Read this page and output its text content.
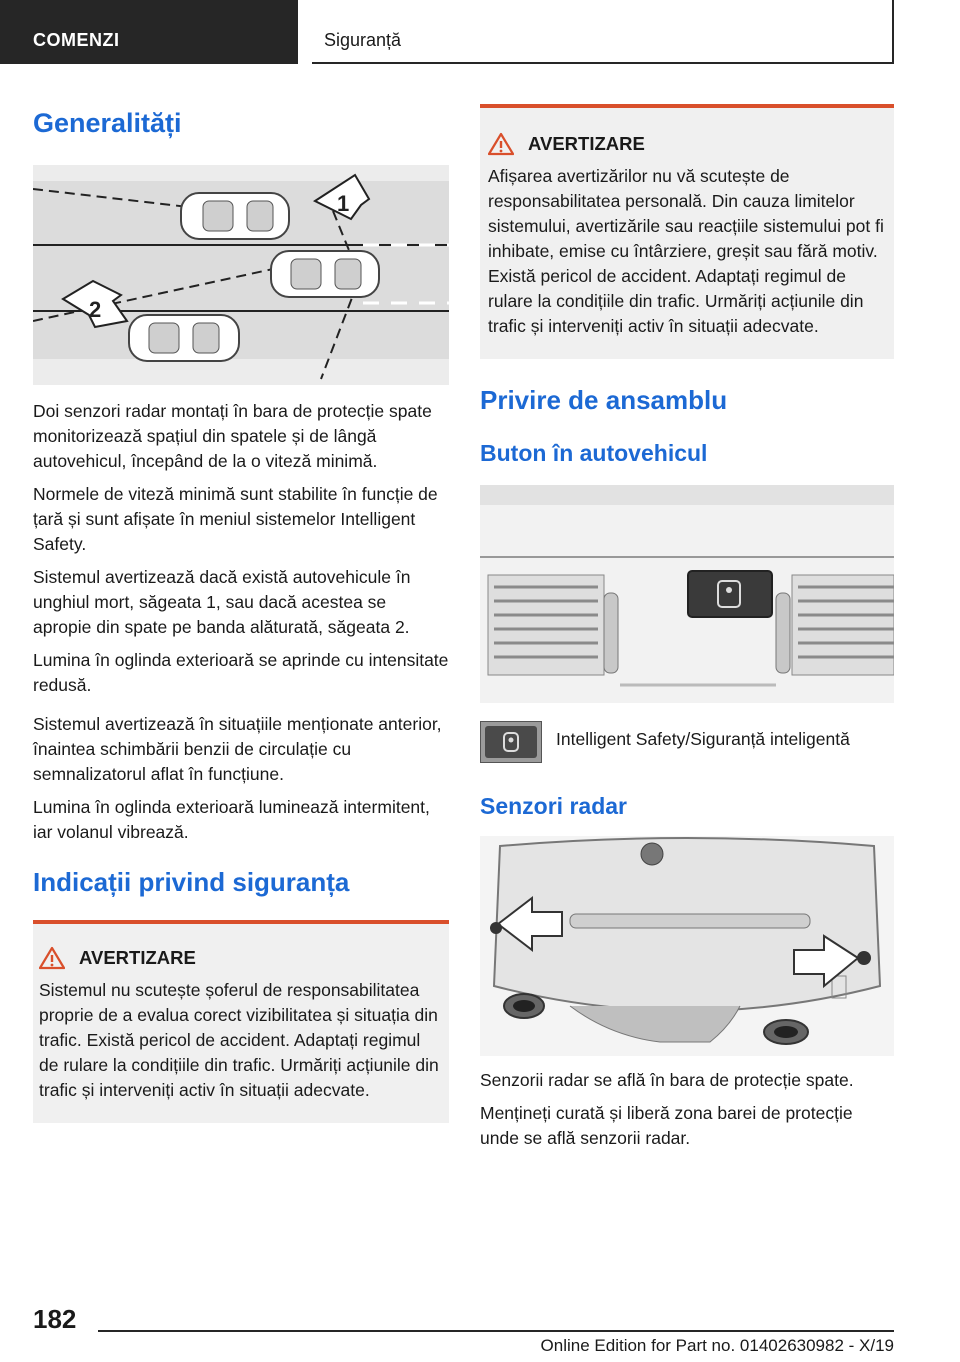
COMENZI	Siguranță
Generalități
1
2

Doi senzori radar montați în bara de protecție spate monitorizează spațiul din spatele și de lângă autovehicul, începând de la o viteză minimă.

Normele de viteză minimă sunt stabilite în funcție de țară și sunt afișate în meniul sistemelor Intelligent Safety.

Sistemul avertizează dacă există autovehicule în unghiul mort, săgeata 1, sau dacă acestea se apropie din spate pe banda alăturată, săgeata 2.

Lumina în oglinda exterioară se aprinde cu intensitate redusă.

Sistemul avertizează în situațiile menționate anterior, înaintea schimbării benzii de circulație cu semnalizatorul aflat în funcțiune.

Lumina în oglinda exterioară luminează intermitent, iar volanul vibrează.

Indicații privind siguranța
AVERTIZARE
Sistemul nu scutește șoferul de responsabilitatea proprie de a evalua corect vizibilitatea și situația din trafic. Există pericol de accident. Adaptați regimul de rulare la condițiile din trafic. Urmăriți acțiunile din trafic și interveniți activ în situații adecvate.
AVERTIZARE
Afișarea avertizărilor nu vă scutește de responsabilitatea personală. Din cauza limitelor sistemului, avertizările sau reacțiile sistemului pot fi inhibate, emise cu întârziere, greșit sau fără motiv. Există pericol de accident. Adaptați regimul de rulare la condițiile din trafic. Urmăriți acțiunile din trafic și interveniți activ în situații adecvate.
Privire de ansamblu
Buton în autovehicul
Intelligent Safety/Siguranță inteligentă
Senzori radar

Senzorii radar se află în bara de protecție spate.

Mențineți curată și liberă zona barei de protecție unde se află senzorii radar.

182
Online Edition for Part no. 01402630982 - X/19
